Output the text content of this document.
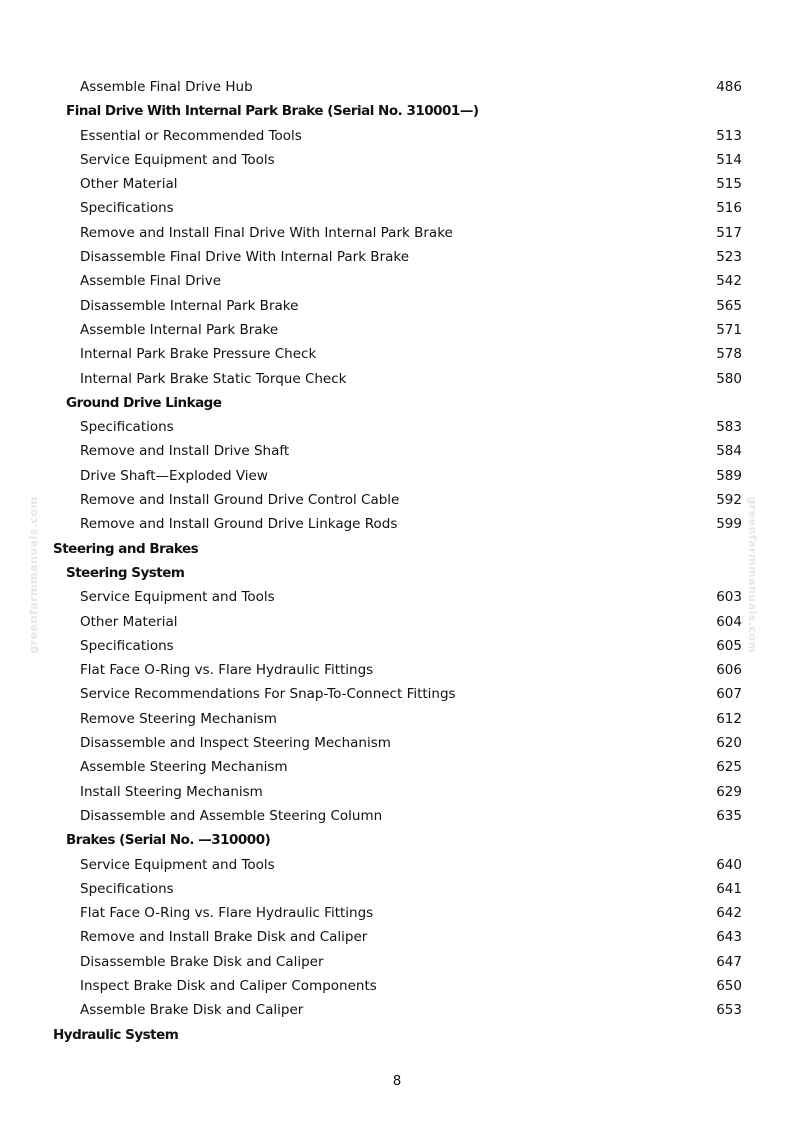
Assemble Final Drive Hub	486
Final Drive With Internal Park Brake (Serial No. 310001—)
Essential or Recommended Tools	513
Service Equipment and Tools	514
Other Material	515
Specifications	516
Remove and Install Final Drive With Internal Park Brake	517
Disassemble Final Drive With Internal Park Brake	523
Assemble Final Drive	542
Disassemble Internal Park Brake	565
Assemble Internal Park Brake	571
Internal Park Brake Pressure Check	578
Internal Park Brake Static Torque Check	580
Ground Drive Linkage
Specifications	583
Remove and Install Drive Shaft	584
Drive Shaft—Exploded View	589
Remove and Install Ground Drive Control Cable	592
Remove and Install Ground Drive Linkage Rods	599
Steering and Brakes
Steering System
Service Equipment and Tools	603
Other Material	604
Specifications	605
Flat Face O-Ring vs. Flare Hydraulic Fittings	606
Service Recommendations For Snap-To-Connect Fittings	607
Remove Steering Mechanism	612
Disassemble and Inspect Steering Mechanism	620
Assemble Steering Mechanism	625
Install Steering Mechanism	629
Disassemble and Assemble Steering Column	635
Brakes (Serial No. —310000)
Service Equipment and Tools	640
Specifications	641
Flat Face O-Ring vs. Flare Hydraulic Fittings	642
Remove and Install Brake Disk and Caliper	643
Disassemble Brake Disk and Caliper	647
Inspect Brake Disk and Caliper Components	650
Assemble Brake Disk and Caliper	653
Hydraulic System
greenfarmmanuals.com	greenfarmmanuals.com
8
